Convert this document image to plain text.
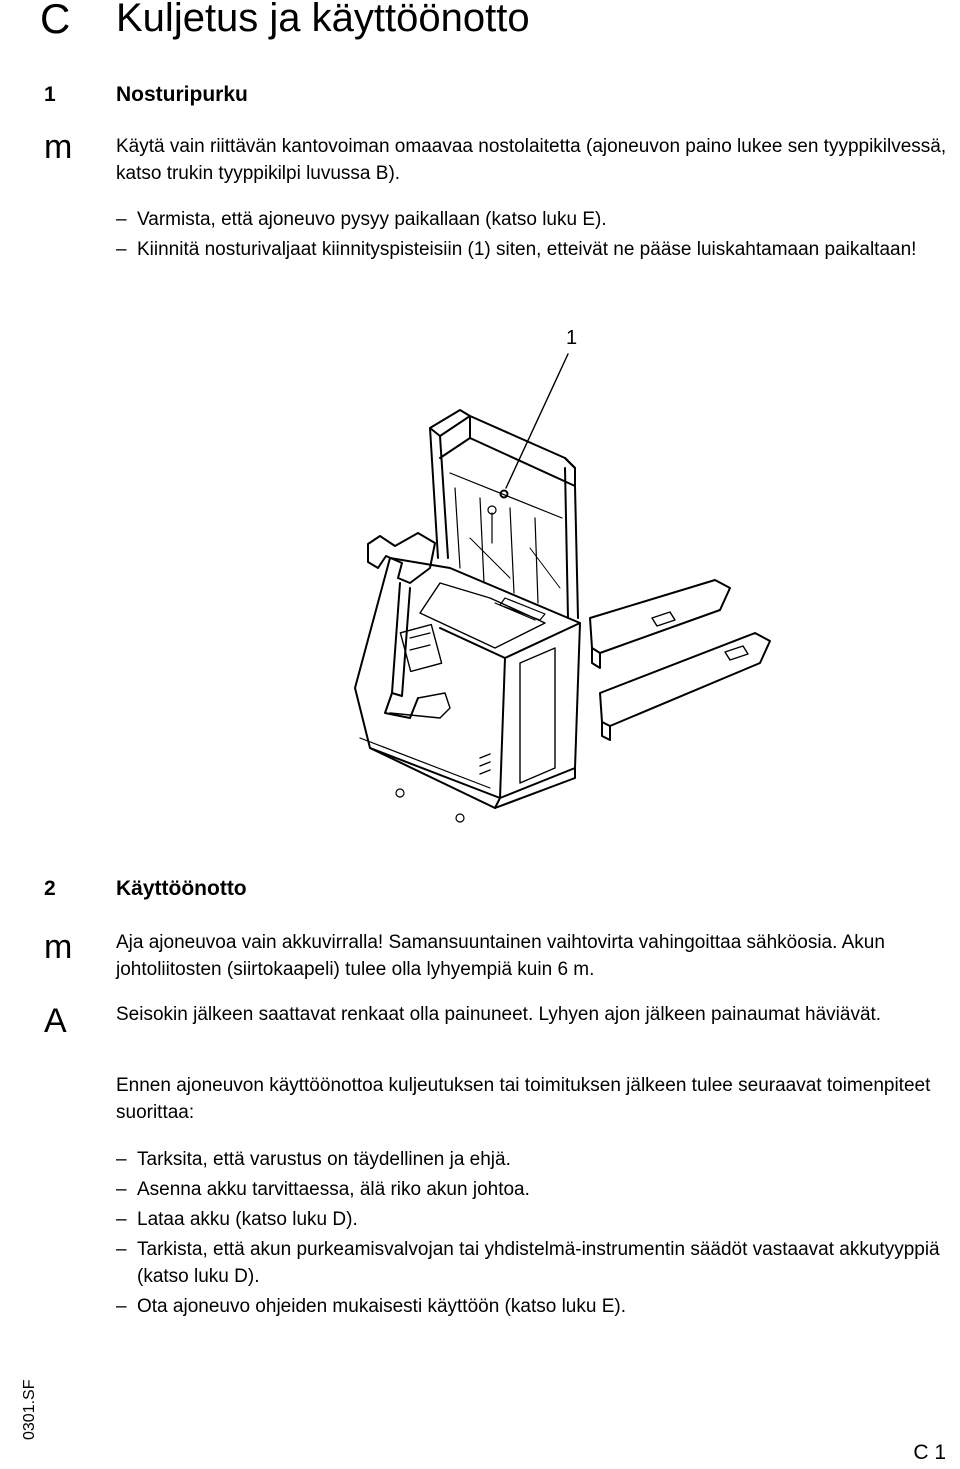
C Kuljetus ja käyttöönotto
1	Nosturipurku
m Käytä vain riittävän kantovoiman omaavaa nostolaitetta (ajoneuvon paino lukee sen tyyppikilvessä, katso trukin tyyppikilpi luvussa B).
– Varmista, että ajoneuvo pysyy paikallaan (katso luku E).
– Kiinnitä nosturivaljaat kiinnityspisteisiin (1) siten, etteivät ne pääse luiskahtamaan paikaltaan!
1
2	Käyttöönotto
m Aja ajoneuvoa vain akkuvirralla! Samansuuntainen vaihtovirta vahingoittaa sähköosia. Akun johtoliitosten (siirtokaapeli) tulee olla lyhyempiä kuin 6 m.
A	Seisokin jälkeen saattavat renkaat olla painuneet. Lyhyen ajon jälkeen painaumat häviävät.
Ennen ajoneuvon käyttöönottoa kuljeutuksen tai toimituksen jälkeen tulee seuraavat toimenpiteet suorittaa:
– Tarksita, että varustus on täydellinen ja ehjä.
– Asenna akku tarvittaessa, älä riko akun johtoa.
– Lataa akku (katso luku D).
– Tarkista, että akun purkeamisvalvojan tai yhdistelmä-instrumentin säädöt vastaavat akkutyyppiä (katso luku D).
– Ota ajoneuvo ohjeiden mukaisesti käyttöön (katso luku E).
0301.SF
C 1
